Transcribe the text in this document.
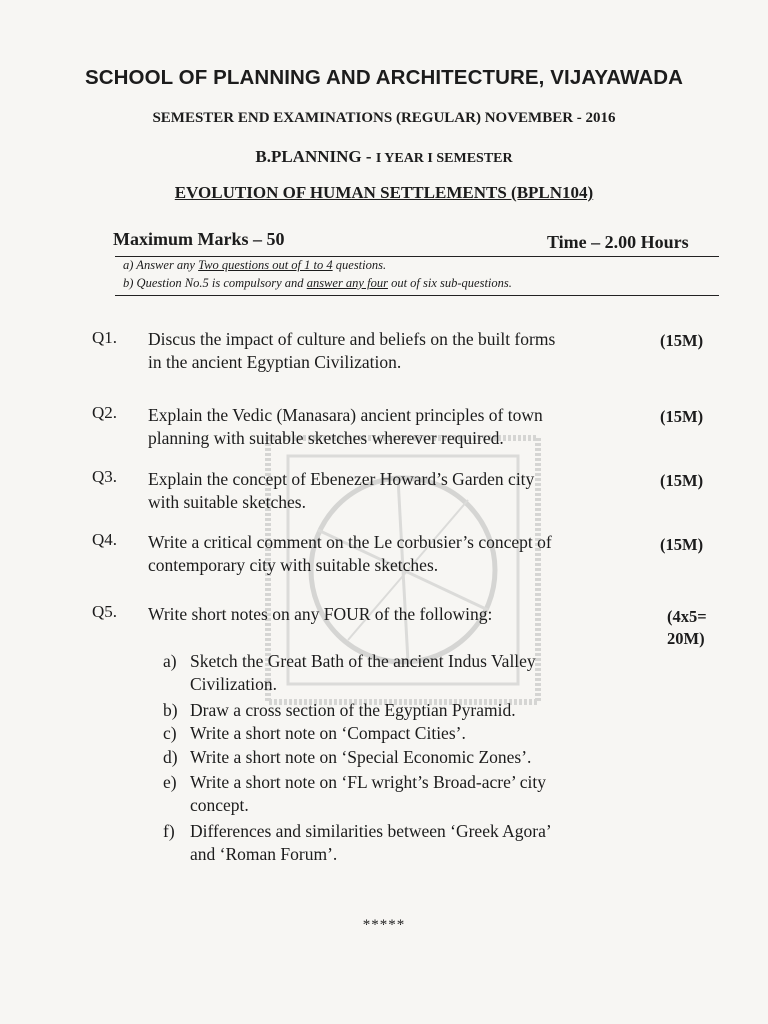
SCHOOL OF PLANNING AND ARCHITECTURE, VIJAYAWADA
SEMESTER END EXAMINATIONS (REGULAR) NOVEMBER - 2016
B.PLANNING - I YEAR I SEMESTER
EVOLUTION OF HUMAN SETTLEMENTS (BPLN104)
Maximum Marks – 50	Time – 2.00 Hours
a) Answer any Two questions out of 1 to 4 questions.
b) Question No.5 is compulsory and answer any four out of six sub-questions.
Q1. Discus the impact of culture and beliefs on the built forms
in the ancient Egyptian Civilization.
(15M)
Q2. Explain the Vedic (Manasara) ancient principles of town
planning with suitable sketches wherever required.
(15M)
Q3. Explain the concept of Ebenezer Howard’s Garden city
with suitable sketches.
(15M)
Q4. Write a critical comment on the Le corbusier’s concept of
contemporary city with suitable sketches.
(15M)
Q5. Write short notes on any FOUR of the following:	(4x5=
20M)
a) Sketch the Great Bath of the ancient Indus Valley
Civilization.
b) Draw a cross section of the Egyptian Pyramid.
c) Write a short note on ‘Compact Cities’.
d) Write a short note on ‘Special Economic Zones’.
e) Write a short note on ‘FL wright’s Broad-acre’ city
concept.
f) Differences and similarities between ‘Greek Agora’
and ‘Roman Forum’.
*****
